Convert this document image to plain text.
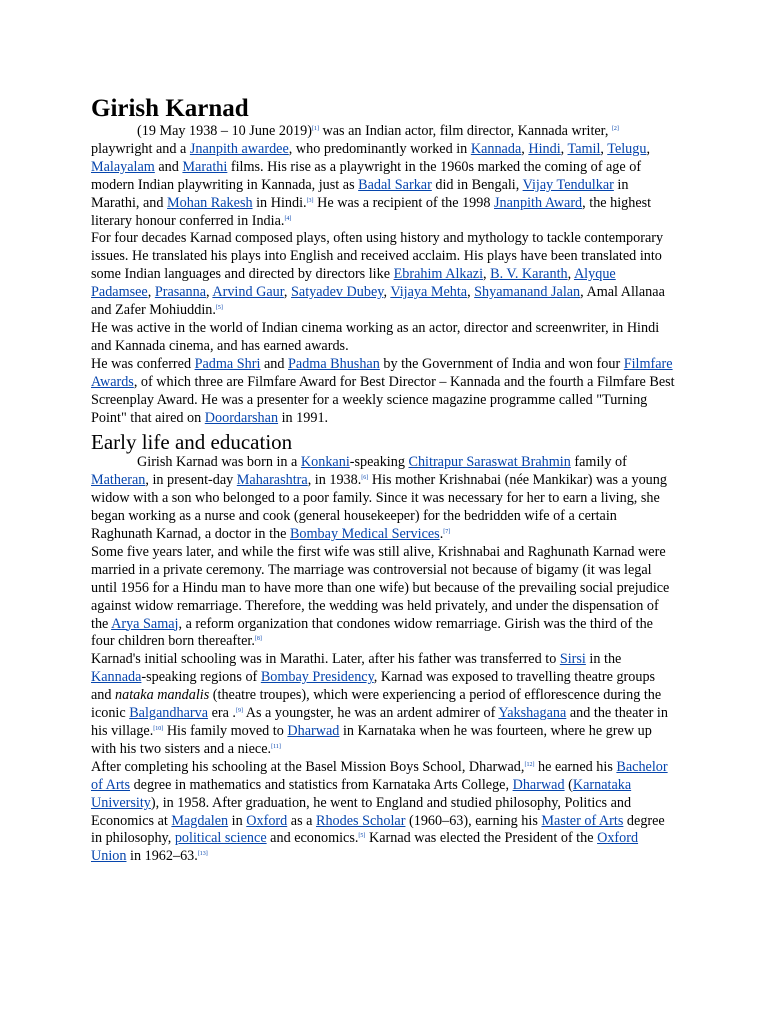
Girish Karnad

(19 May 1938 – 10 June 2019)[1] was an Indian actor, film director, Kannada writer, [2] playwright and a Jnanpith awardee, who predominantly worked in Kannada, Hindi, Tamil, Telugu, Malayalam and Marathi films. His rise as a playwright in the 1960s marked the coming of age of modern Indian playwriting in Kannada, just as Badal Sarkar did in Bengali, Vijay Tendulkar in Marathi, and Mohan Rakesh in Hindi.[3] He was a recipient of the 1998 Jnanpith Award, the highest literary honour conferred in India.[4]

For four decades Karnad composed plays, often using history and mythology to tackle contemporary issues. He translated his plays into English and received acclaim. His plays have been translated into some Indian languages and directed by directors like Ebrahim Alkazi, B. V. Karanth, Alyque Padamsee, Prasanna, Arvind Gaur, Satyadev Dubey, Vijaya Mehta, Shyamanand Jalan, Amal Allanaa and Zafer Mohiuddin.[5]

He was active in the world of Indian cinema working as an actor, director and screenwriter, in Hindi and Kannada cinema, and has earned awards.

He was conferred Padma Shri and Padma Bhushan by the Government of India and won four Filmfare Awards, of which three are Filmfare Award for Best Director – Kannada and the fourth a Filmfare Best Screenplay Award. He was a presenter for a weekly science magazine programme called "Turning Point" that aired on Doordarshan in 1991.

Early life and education

Girish Karnad was born in a Konkani-speaking Chitrapur Saraswat Brahmin family of Matheran, in present-day Maharashtra, in 1938.[6] His mother Krishnabai (née Mankikar) was a young widow with a son who belonged to a poor family. Since it was necessary for her to earn a living, she began working as a nurse and cook (general housekeeper) for the bedridden wife of a certain Raghunath Karnad, a doctor in the Bombay Medical Services.[7]

Some five years later, and while the first wife was still alive, Krishnabai and Raghunath Karnad were married in a private ceremony. The marriage was controversial not because of bigamy (it was legal until 1956 for a Hindu man to have more than one wife) but because of the prevailing social prejudice against widow remarriage. Therefore, the wedding was held privately, and under the dispensation of the Arya Samaj, a reform organization that condones widow remarriage. Girish was the third of the four children born thereafter.[8]

Karnad's initial schooling was in Marathi. Later, after his father was transferred to Sirsi in the Kannada-speaking regions of Bombay Presidency, Karnad was exposed to travelling theatre groups and nataka mandalis (theatre troupes), which were experiencing a period of efflorescence during the iconic Balgandharva era .[9] As a youngster, he was an ardent admirer of Yakshagana and the theater in his village.[10] His family moved to Dharwad in Karnataka when he was fourteen, where he grew up with his two sisters and a niece.[11]

After completing his schooling at the Basel Mission Boys School, Dharwad,[12] he earned his Bachelor of Arts degree in mathematics and statistics from Karnataka Arts College, Dharwad (Karnataka University), in 1958. After graduation, he went to England and studied philosophy, Politics and Economics at Magdalen in Oxford as a Rhodes Scholar (1960–63), earning his Master of Arts degree in philosophy, political science and economics.[5] Karnad was elected the President of the Oxford Union in 1962–63.[13]
